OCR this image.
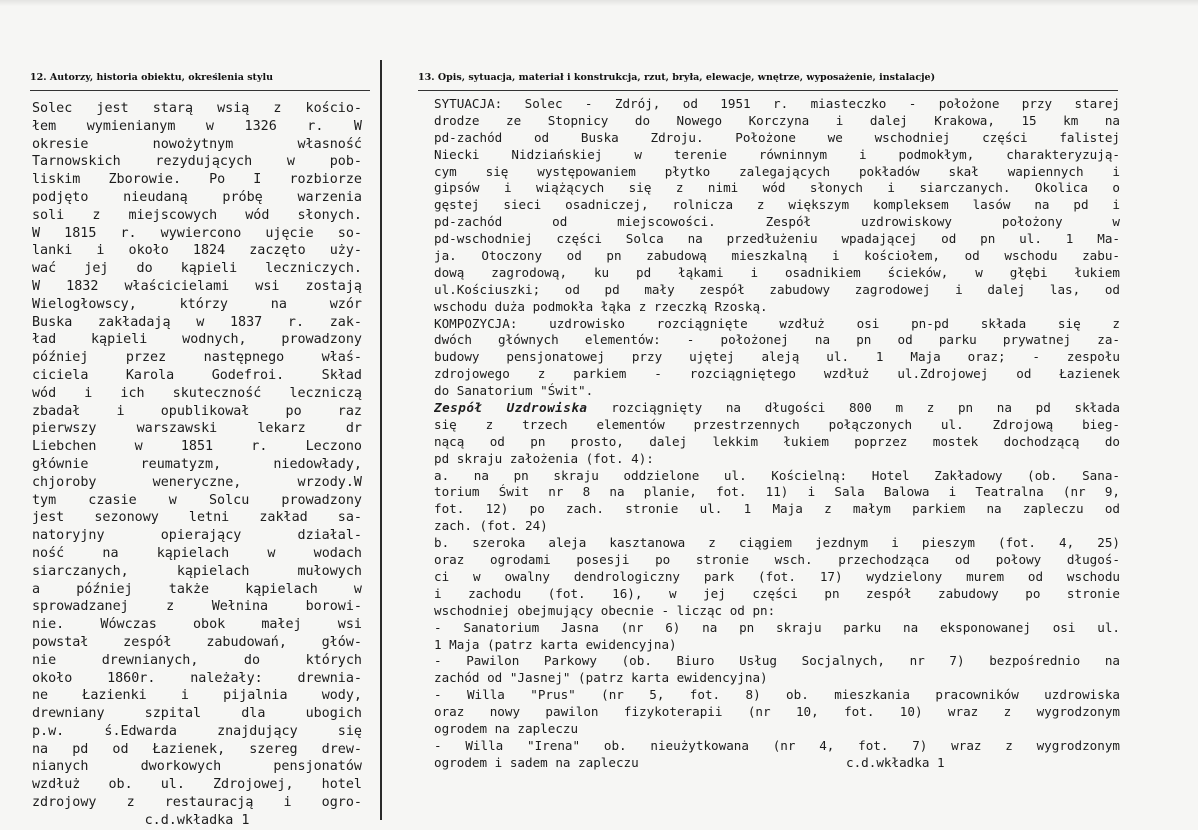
12. Autorzy, historia obiektu, określenia stylu	13. Opis, sytuacja, materiał i konstrukcja, rzut, bryła, elewacje, wnętrze, wyposażenie, instalacje)
Solec jest starą wsią z kościo-
łem wymienianym w 1326 r. W
okresie nowożytnym własność
Tarnowskich rezydujących w pob-
liskim Zborowie. Po I rozbiorze
podjęto nieudaną próbę warzenia
soli z miejscowych wód słonych.
W 1815 r. wywiercono ujęcie so-
lanki i około 1824 zaczęto uży-
wać jej do kąpieli leczniczych.
W 1832 właścicielami wsi zostają
Wielogłowscy, którzy na wzór
Buska zakładają w 1837 r. zak-
ład kąpieli wodnych, prowadzony
później przez następnego właś-
ciciela Karola Godefroi. Skład
wód i ich skuteczność leczniczą
zbadał i opublikował po raz
pierwszy warszawski lekarz dr
Liebchen w 1851 r. Leczono
głównie reumatyzm, niedowłady,
chjoroby weneryczne, wrzody.W
tym czasie w Solcu prowadzony
jest sezonowy letni zakład sa-
natoryjny opierający działal-
ność na kąpielach w wodach
siarczanych, kąpielach mułowych
a później także kąpielach w
sprowadzanej z Wełnina borowi-
nie. Wówczas obok małej wsi
powstał zespół zabudowań, głów-
nie drewnianych, do których
około 1860r. należały: drewnia-
ne Łazienki i pijalnia wody,
drewniany szpital dla ubogich
p.w. ś.Edwarda znajdujący się
na pd od Łazienek, szereg drew-
nianych dworkowych pensjonatów
wzdłuż ob. ul. Zdrojowej, hotel
zdrojowy z restauracją i ogro-
c.d.wkładka 1
SYTUACJA: Solec - Zdrój, od 1951 r. miasteczko - położone przy starej
drodze ze Stopnicy do Nowego Korczyna i dalej Krakowa, 15 km na
pd-zachód od Buska Zdroju. Położone we wschodniej części falistej
Niecki Nidziańskiej w terenie równinnym i podmokłym, charakteryzują-
cym się występowaniem płytko zalegających pokładów skał wapiennych i
gipsów i wiążących się z nimi wód słonych i siarczanych. Okolica o
gęstej sieci osadniczej, rolnicza z większym kompleksem lasów na pd i
pd-zachód od miejscowości. Zespół uzdrowiskowy położony w
pd-wschodniej części Solca na przedłużeniu wpadającej od pn ul. 1 Ma-
ja. Otoczony od pn zabudową mieszkalną i kościołem, od wschodu zabu-
dową zagrodową, ku pd łąkami i osadnikiem ścieków, w głębi łukiem
ul.Kościuszki; od pd mały zespół zabudowy zagrodowej i dalej las, od
wschodu duża podmokła łąka z rzeczką Rzoską.
KOMPOZYCJA: uzdrowisko rozciągnięte wzdłuż osi pn-pd składa się z
dwóch głównych elementów: - położonej na pn od parku prywatnej za-
budowy pensjonatowej przy ujętej aleją ul. 1 Maja oraz; - zespołu
zdrojowego z parkiem - rozciągniętego wzdłuż ul.Zdrojowej od Łazienek
do Sanatorium "Świt".
Zespół Uzdrowiska rozciągnięty na długości 800 m z pn na pd składa
się z trzech elementów przestrzennych połączonych ul. Zdrojową bieg-
nącą od pn prosto, dalej lekkim łukiem poprzez mostek dochodzącą do
pd skraju założenia (fot. 4):
a. na pn skraju oddzielone ul. Kościelną: Hotel Zakładowy (ob. Sana-
torium Świt nr 8 na planie, fot. 11) i Sala Balowa i Teatralna (nr 9,
fot. 12) po zach. stronie ul. 1 Maja z małym parkiem na zapleczu od
zach. (fot. 24)
b. szeroka aleja kasztanowa z ciągiem jezdnym i pieszym (fot. 4, 25)
oraz ogrodami posesji po stronie wsch. przechodząca od połowy długoś-
ci w owalny dendrologiczny park (fot. 17) wydzielony murem od wschodu
i zachodu (fot. 16), w jej części pn zespół zabudowy po stronie
wschodniej obejmujący obecnie - licząc od pn:
- Sanatorium Jasna (nr 6) na pn skraju parku na eksponowanej osi ul.
1 Maja (patrz karta ewidencyjna)
- Pawilon Parkowy (ob. Biuro Usług Socjalnych, nr 7) bezpośrednio na
zachód od "Jasnej" (patrz karta ewidencyjna)
- Willa "Prus" (nr 5, fot. 8) ob. mieszkania pracowników uzdrowiska
oraz nowy pawilon fizykoterapii (nr 10, fot. 10) wraz z wygrodzonym
ogrodem na zapleczu
- Willa "Irena" ob. nieużytkowana (nr 4, fot. 7) wraz z wygrodzonym
ogrodem i sadem na zapleczu	c.d.wkładka 1
